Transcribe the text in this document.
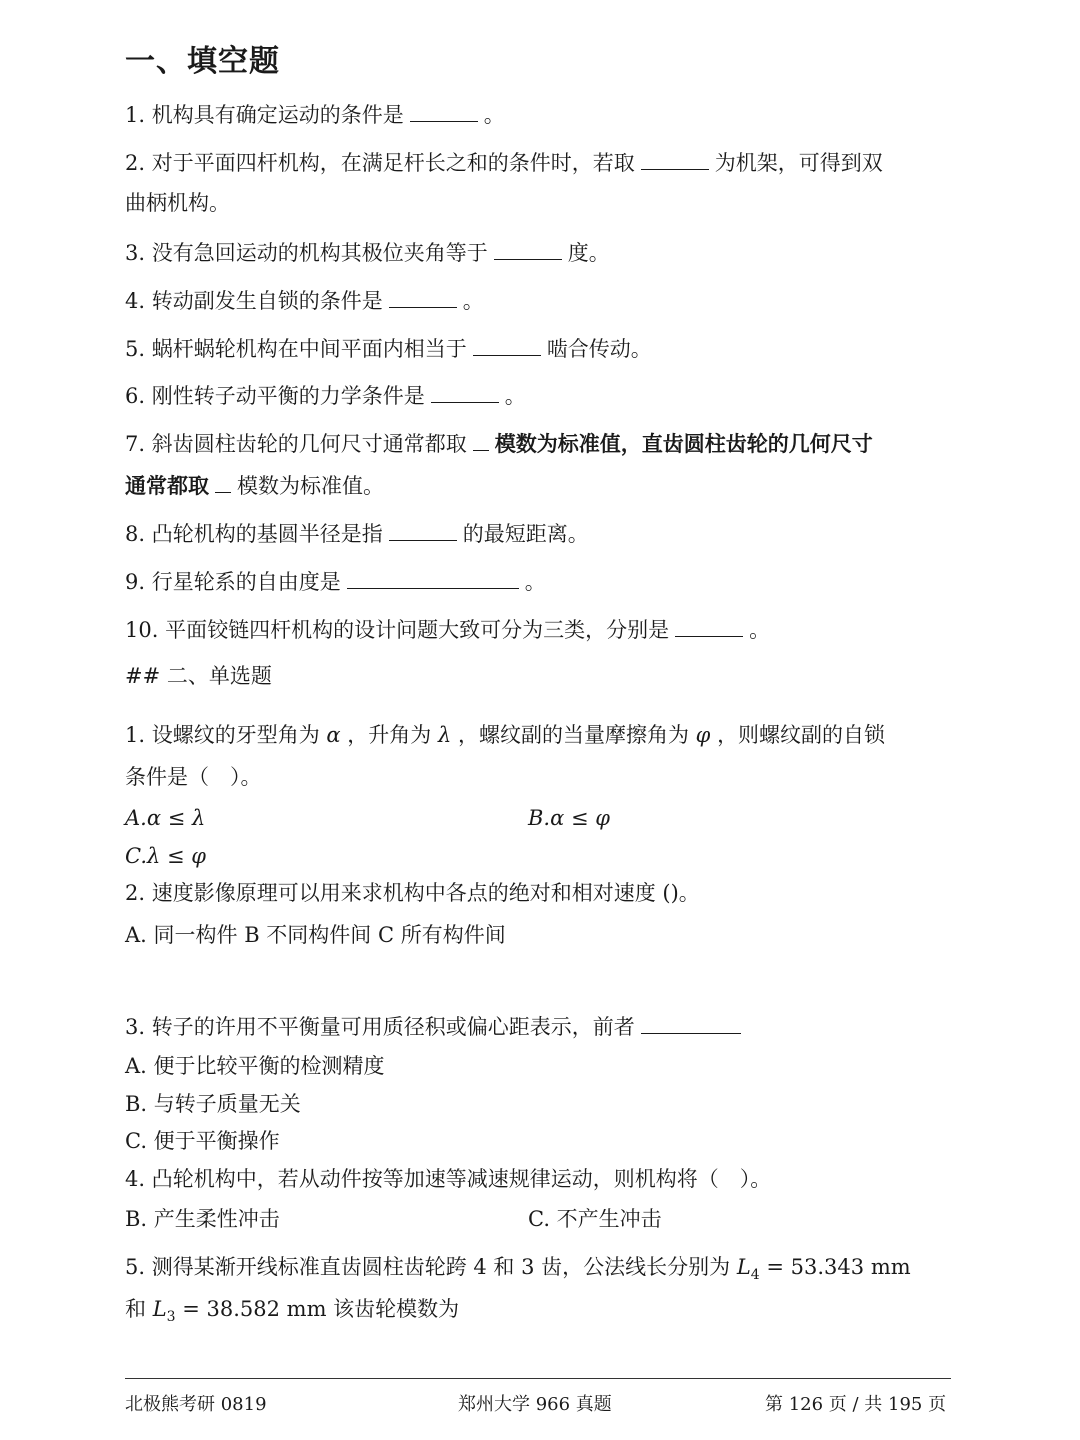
一、填空题
1. 机构具有确定运动的条件是	。
2. 对于平面四杆机构，在满足杆长之和的条件时，若取	为机架，可得到双
曲柄机构。
3. 没有急回运动的机构其极位夹角等于	度。
4. 转动副发生自锁的条件是	。
5. 蜗杆蜗轮机构在中间平面内相当于	啮合传动。
6. 刚性转子动平衡的力学条件是	。
7. 斜齿圆柱齿轮的几何尺寸通常都取 模数为标准值，直齿圆柱齿轮的几何尺寸
通常都取 模数为标准值。
8. 凸轮机构的基圆半径是指	的最短距离。
9. 行星轮系的自由度是	。
10. 平面铰链四杆机构的设计问题大致可分为三类，分别是	。
## 二、单选题
1. 设螺纹的牙型角为 α ，升角为 λ ，螺纹副的当量摩擦角为 φ ，则螺纹副的自锁
条件是（　）。
A.α ≤ λ	B.α ≤ φ
C.λ ≤ φ
2. 速度影像原理可以用来求机构中各点的绝对和相对速度 ()。
A. 同一构件 B 不同构件间 C 所有构件间
3. 转子的许用不平衡量可用质径积或偏心距表示，前者
A. 便于比较平衡的检测精度
B. 与转子质量无关
C. 便于平衡操作
4. 凸轮机构中，若从动件按等加速等减速规律运动，则机构将（　）。
B. 产生柔性冲击	C. 不产生冲击
5. 测得某渐开线标准直齿圆柱齿轮跨 4 和 3 齿，公法线长分别为 $L_4 = 53.343$ mm
和 $L_3 = 38.582$ mm 该齿轮模数为
北极熊考研 0819	郑州大学 966 真题	第 126 页 / 共 195 页
